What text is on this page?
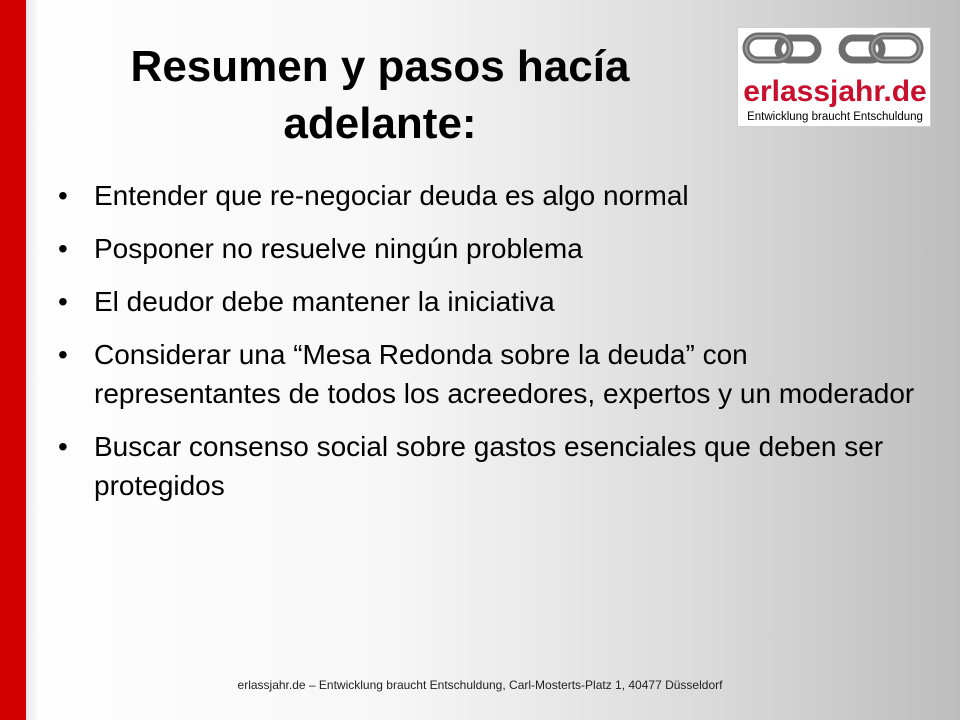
Resumen y pasos hacía adelante:
erlassjahr.de
Entwicklung braucht Entschuldung
• Entender que re-negociar deuda es algo normal
• Posponer no resuelve ningún problema
• El deudor debe mantener la iniciativa
• Considerar una “Mesa Redonda sobre la deuda” con representantes de todos los acreedores, expertos y un moderador
• Buscar consenso social sobre gastos esenciales que deben ser protegidos
erlassjahr.de – Entwicklung braucht Entschuldung, Carl-Mosterts-Platz 1, 40477 Düsseldorf
